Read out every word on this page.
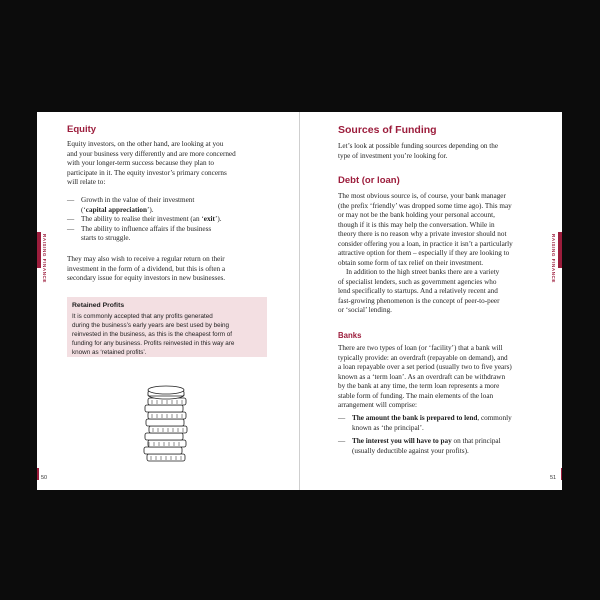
Equity
Equity investors, on the other hand, are looking at you
and your business very differently and are more concerned
with your longer-term success because they plan to
participate in it. The equity investor’s primary concerns
will relate to:
— Growth in the value of their investment
(‘capital appreciation’).
— The ability to realise their investment (an ‘exit’).
— The ability to influence affairs if the business
starts to struggle.
They may also wish to receive a regular return on their
investment in the form of a dividend, but this is often a
secondary issue for equity investors in new businesses.
Retained Profits
It is commonly accepted that any profits generated
during the business’s early years are best used by being
reinvested in the business, as this is the cheapest form of
funding for any business. Profits reinvested in this way are
known as ‘retained profits’.
RAISING FINANCE
50
Sources of Funding
Let’s look at possible funding sources depending on the
type of investment you’re looking for.
Debt (or loan)
The most obvious source is, of course, your bank manager
(the prefix ‘friendly’ was dropped some time ago). This may
or may not be the bank holding your personal account,
though if it is this may help the conversation. While in
theory there is no reason why a private investor should not
consider offering you a loan, in practice it isn’t a particularly
attractive option for them – especially if they are looking to
obtain some form of tax relief on their investment.
In addition to the high street banks there are a variety
of specialist lenders, such as government agencies who
lend specifically to startups. And a relatively recent and
fast-growing phenomenon is the concept of peer-to-peer
or ‘social’ lending.
Banks
There are two types of loan (or ‘facility’) that a bank will
typically provide: an overdraft (repayable on demand), and
a loan repayable over a set period (usually two to five years)
known as a ‘term loan’. As an overdraft can be withdrawn
by the bank at any time, the term loan represents a more
stable form of funding. The main elements of the loan
arrangement will comprise:
— The amount the bank is prepared to lend, commonly
known as ‘the principal’.
— The interest you will have to pay on that principal
(usually deductible against your profits).
RAISING FINANCE
51
